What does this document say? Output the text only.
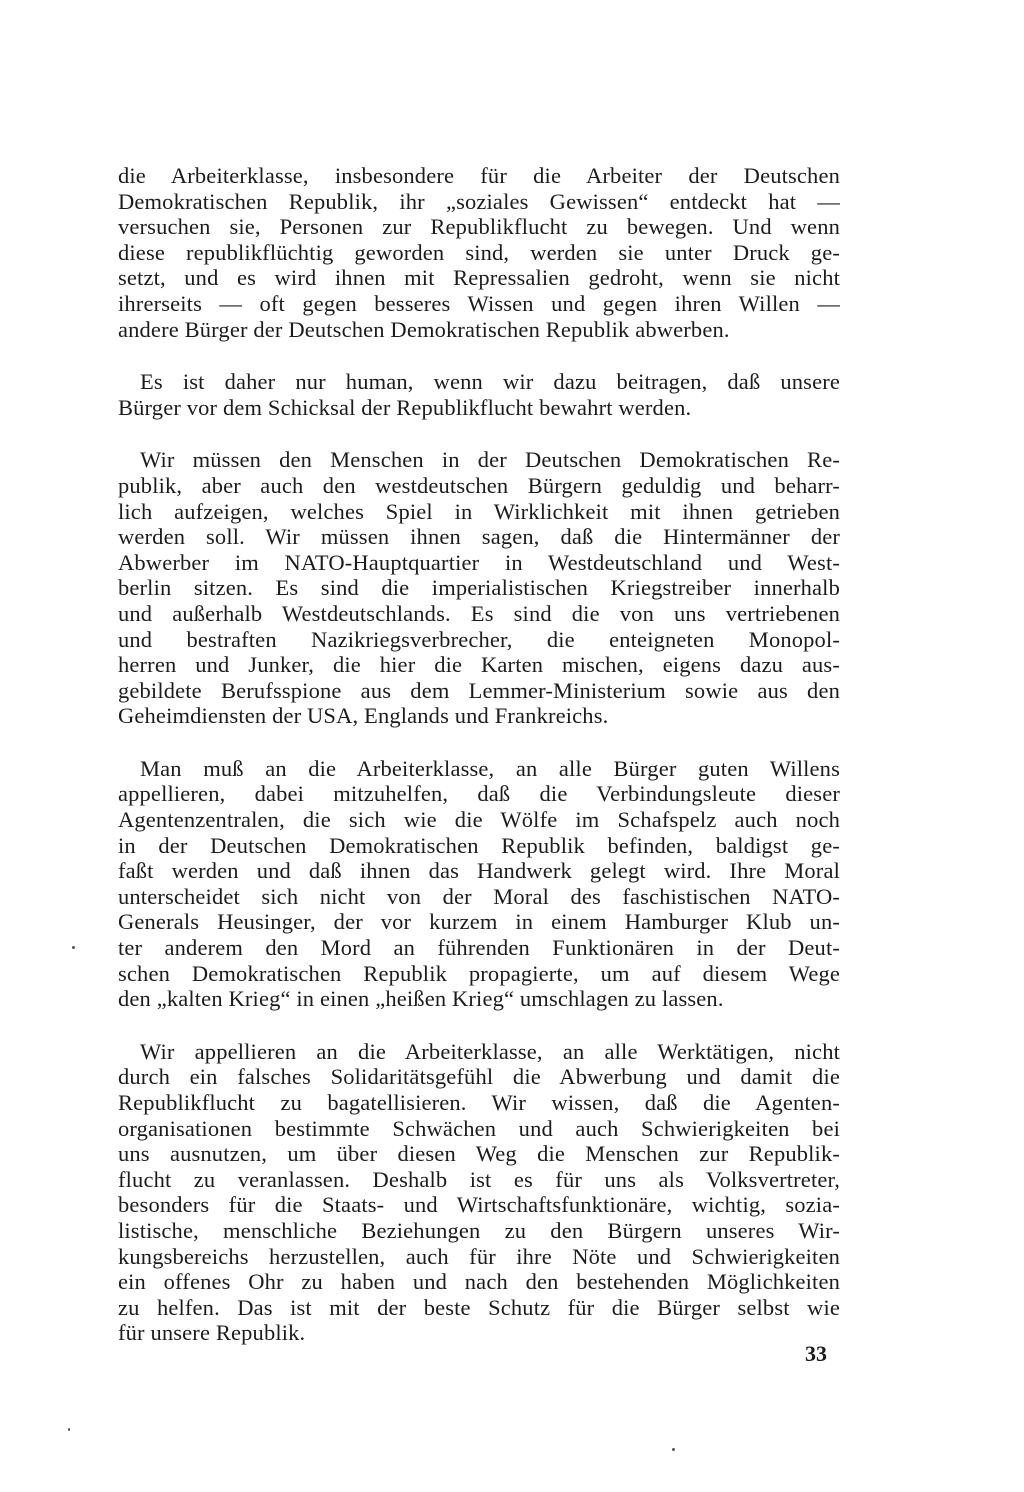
die Arbeiterklasse, insbesondere für die Arbeiter der Deutschen
Demokratischen Republik, ihr „soziales Gewissen“ entdeckt hat —
versuchen sie, Personen zur Republikflucht zu bewegen. Und wenn
diese republikflüchtig geworden sind, werden sie unter Druck ge-
setzt, und es wird ihnen mit Repressalien gedroht, wenn sie nicht
ihrerseits — oft gegen besseres Wissen und gegen ihren Willen —
andere Bürger der Deutschen Demokratischen Republik abwerben.

Es ist daher nur human, wenn wir dazu beitragen, daß unsere
Bürger vor dem Schicksal der Republikflucht bewahrt werden.

Wir müssen den Menschen in der Deutschen Demokratischen Re-
publik, aber auch den westdeutschen Bürgern geduldig und beharr-
lich aufzeigen, welches Spiel in Wirklichkeit mit ihnen getrieben
werden soll. Wir müssen ihnen sagen, daß die Hintermänner der
Abwerber im NATO-Hauptquartier in Westdeutschland und West-
berlin sitzen. Es sind die imperialistischen Kriegstreiber innerhalb
und außerhalb Westdeutschlands. Es sind die von uns vertriebenen
und bestraften Nazikriegsverbrecher, die enteigneten Monopol-
herren und Junker, die hier die Karten mischen, eigens dazu aus-
gebildete Berufsspione aus dem Lemmer-Ministerium sowie aus den
Geheimdiensten der USA, Englands und Frankreichs.

Man muß an die Arbeiterklasse, an alle Bürger guten Willens
appellieren, dabei mitzuhelfen, daß die Verbindungsleute dieser
Agentenzentralen, die sich wie die Wölfe im Schafspelz auch noch
in der Deutschen Demokratischen Republik befinden, baldigst ge-
faßt werden und daß ihnen das Handwerk gelegt wird. Ihre Moral
unterscheidet sich nicht von der Moral des faschistischen NATO-
Generals Heusinger, der vor kurzem in einem Hamburger Klub un-
ter anderem den Mord an führenden Funktionären in der Deut-
schen Demokratischen Republik propagierte, um auf diesem Wege
den „kalten Krieg“ in einen „heißen Krieg“ umschlagen zu lassen.

Wir appellieren an die Arbeiterklasse, an alle Werktätigen, nicht
durch ein falsches Solidaritätsgefühl die Abwerbung und damit die
Republikflucht zu bagatellisieren. Wir wissen, daß die Agenten-
organisationen bestimmte Schwächen und auch Schwierigkeiten bei
uns ausnutzen, um über diesen Weg die Menschen zur Republik-
flucht zu veranlassen. Deshalb ist es für uns als Volksvertreter,
besonders für die Staats- und Wirtschaftsfunktionäre, wichtig, sozia-
listische, menschliche Beziehungen zu den Bürgern unseres Wir-
kungsbereichs herzustellen, auch für ihre Nöte und Schwierigkeiten
ein offenes Ohr zu haben und nach den bestehenden Möglichkeiten
zu helfen. Das ist mit der beste Schutz für die Bürger selbst wie
für unsere Republik.

33
